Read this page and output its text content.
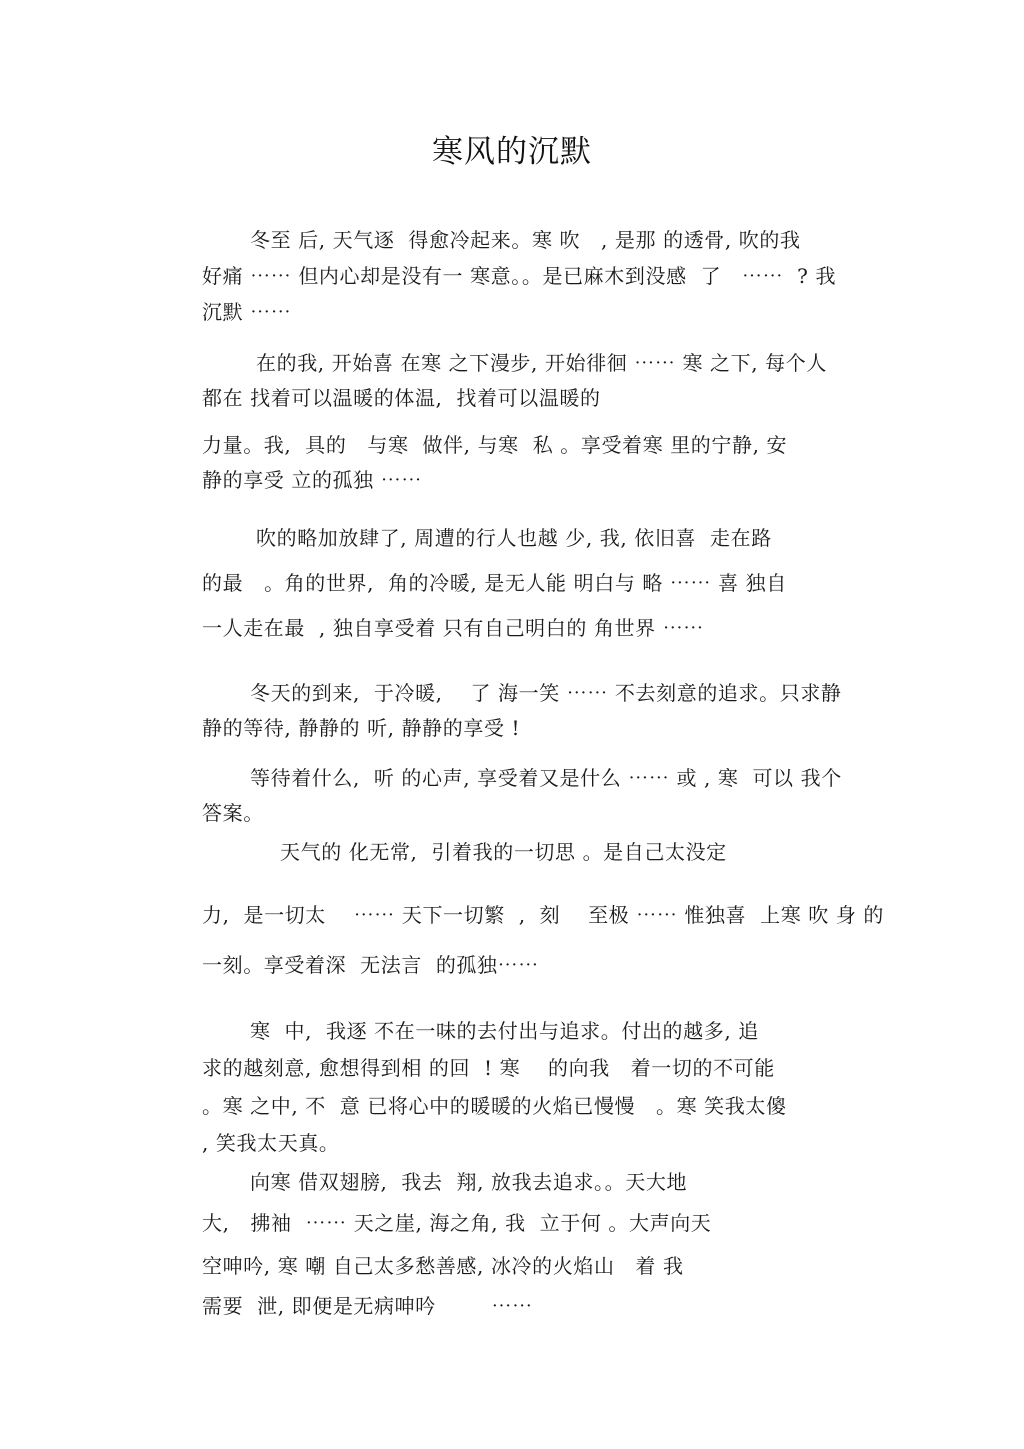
寒风的沉默
冬至 后, 天气逐  得愈冷起来。寒 吹   , 是那 的透骨, 吹的我
好痛 ⋯⋯ 但内心却是没有一 寒意。。是已麻木到没感  了   ⋯⋯  ? 我
沉默 ⋯⋯
在的我, 开始喜 在寒 之下漫步, 开始徘徊 ⋯⋯ 寒 之下, 每个人
都在 找着可以温暖的体温,  找着可以温暖的
力量。我,  具的   与寒  做伴, 与寒  私 。享受着寒 里的宁静, 安
静的享受 立的孤独 ⋯⋯
吹的略加放肆了, 周遭的行人也越 少, 我, 依旧喜  走在路
的最   。角的世界,  角的冷暖, 是无人能 明白与 略 ⋯⋯ 喜 独自
一人走在最  , 独自享受着 只有自己明白的 角世界 ⋯⋯
冬天的到来,  于冷暖,    了 海一笑 ⋯⋯ 不去刻意的追求。只求静
静的等待, 静静的 听, 静静的享受 !
等待着什么,  听 的心声, 享受着又是什么 ⋯⋯ 或 , 寒  可以 我个
答案。
天气的 化无常,  引着我的一切思 。是自己太没定
力,  是一切太    ⋯⋯ 天下一切繁  ,  刻    至极 ⋯⋯ 惟独喜  上寒 吹 身 的
一刻。享受着深  无法言  的孤独⋯⋯
寒  中,  我逐 不在一味的去付出与追求。付出的越多, 追
求的越刻意, 愈想得到相 的回  ! 寒    的向我   着一切的不可能
。寒 之中, 不  意 已将心中的暖暖的火焰已慢慢   。寒 笑我太傻
, 笑我太天真。
向寒 借双翅膀,  我去  翔, 放我去追求。。天大地
大,   拂袖  ⋯⋯ 天之崖, 海之角, 我  立于何 。大声向天
空呻吟, 寒 嘲 自己太多愁善感, 冰冷的火焰山   着 我
需要  泄, 即便是无病呻吟        ⋯⋯
